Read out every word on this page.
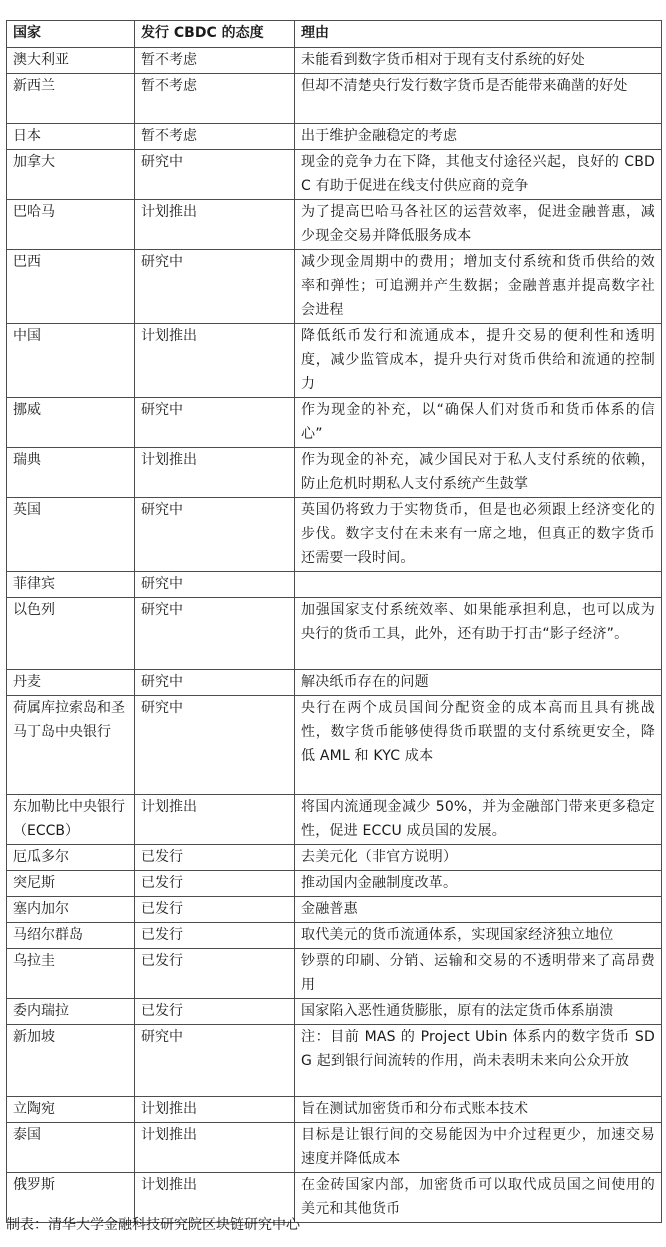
国家	发行 CBDC 的态度	理由
澳大利亚	暂不考虑	未能看到数字货币相对于现有支付系统的好处
新西兰	暂不考虑	但却不清楚央行发行数字货币是否能带来确凿的好处
日本	暂不考虑	出于维护金融稳定的考虑
加拿大	研究中	现金的竞争力在下降，其他支付途径兴起，良好的 CBDC 有助于促进在线支付供应商的竞争
巴哈马	计划推出	为了提高巴哈马各社区的运营效率，促进金融普惠，减少现金交易并降低服务成本
巴西	研究中	减少现金周期中的费用；增加支付系统和货币供给的效率和弹性；可追溯并产生数据；金融普惠并提高数字社会进程
中国	计划推出	降低纸币发行和流通成本，提升交易的便利性和透明度，减少监管成本，提升央行对货币供给和流通的控制力
挪威	研究中	作为现金的补充，以“确保人们对货币和货币体系的信心”
瑞典	计划推出	作为现金的补充，减少国民对于私人支付系统的依赖，防止危机时期私人支付系统产生鼓掌
英国	研究中	英国仍将致力于实物货币，但是也必须跟上经济变化的步伐。数字支付在未来有一席之地，但真正的数字货币还需要一段时间。
菲律宾	研究中	
以色列	研究中	加强国家支付系统效率、如果能承担利息，也可以成为央行的货币工具，此外，还有助于打击“影子经济”。
丹麦	研究中	解决纸币存在的问题
荷属库拉索岛和圣马丁岛中央银行	研究中	央行在两个成员国间分配资金的成本高而且具有挑战性，数字货币能够使得货币联盟的支付系统更安全，降低 AML 和 KYC 成本
东加勒比中央银行（ECCB）	计划推出	将国内流通现金减少 50%，并为金融部门带来更多稳定性，促进 ECCU 成员国的发展。
厄瓜多尔	已发行	去美元化（非官方说明）
突尼斯	已发行	推动国内金融制度改革。
塞内加尔	已发行	金融普惠
马绍尔群岛	已发行	取代美元的货币流通体系，实现国家经济独立地位
乌拉圭	已发行	钞票的印刷、分销、运输和交易的不透明带来了高昂费用
委内瑞拉	已发行	国家陷入恶性通货膨胀，原有的法定货币体系崩溃
新加坡	研究中	注：目前 MAS 的 Project Ubin 体系内的数字货币 SDG 起到银行间流转的作用，尚未表明未来向公众开放
立陶宛	计划推出	旨在测试加密货币和分布式账本技术
泰国	计划推出	目标是让银行间的交易能因为中介过程更少，加速交易速度并降低成本
俄罗斯	计划推出	在金砖国家内部，加密货币可以取代成员国之间使用的美元和其他货币
制表：清华大学金融科技研究院区块链研究中心
